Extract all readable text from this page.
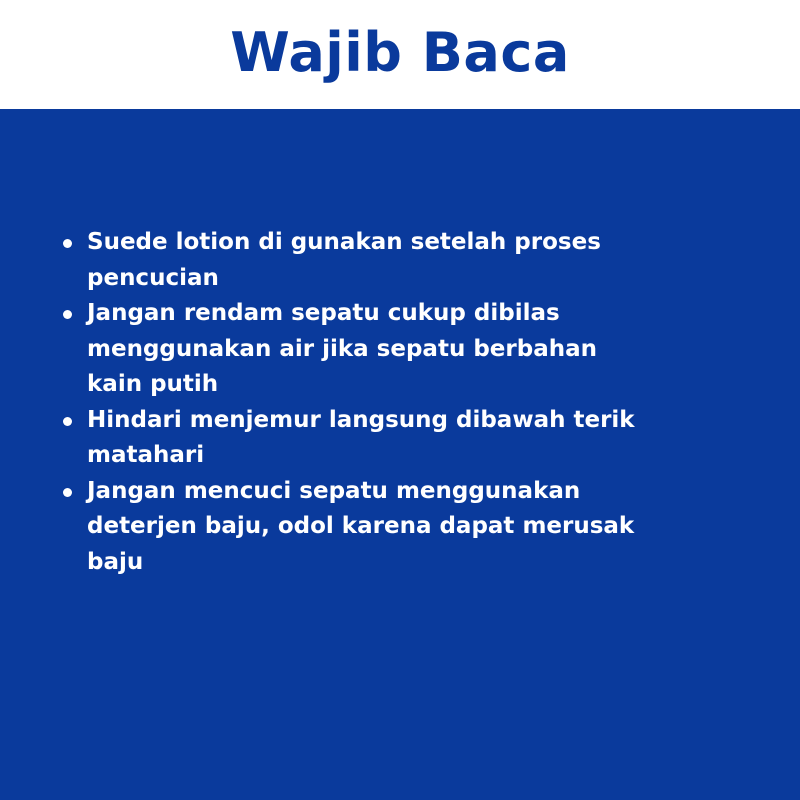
Wajib Baca
Suede lotion di gunakan setelah proses pencucian
Jangan rendam sepatu cukup dibilas menggunakan air jika sepatu berbahan kain putih
Hindari menjemur langsung dibawah terik matahari
Jangan mencuci sepatu menggunakan deterjen baju, odol karena dapat merusak baju
